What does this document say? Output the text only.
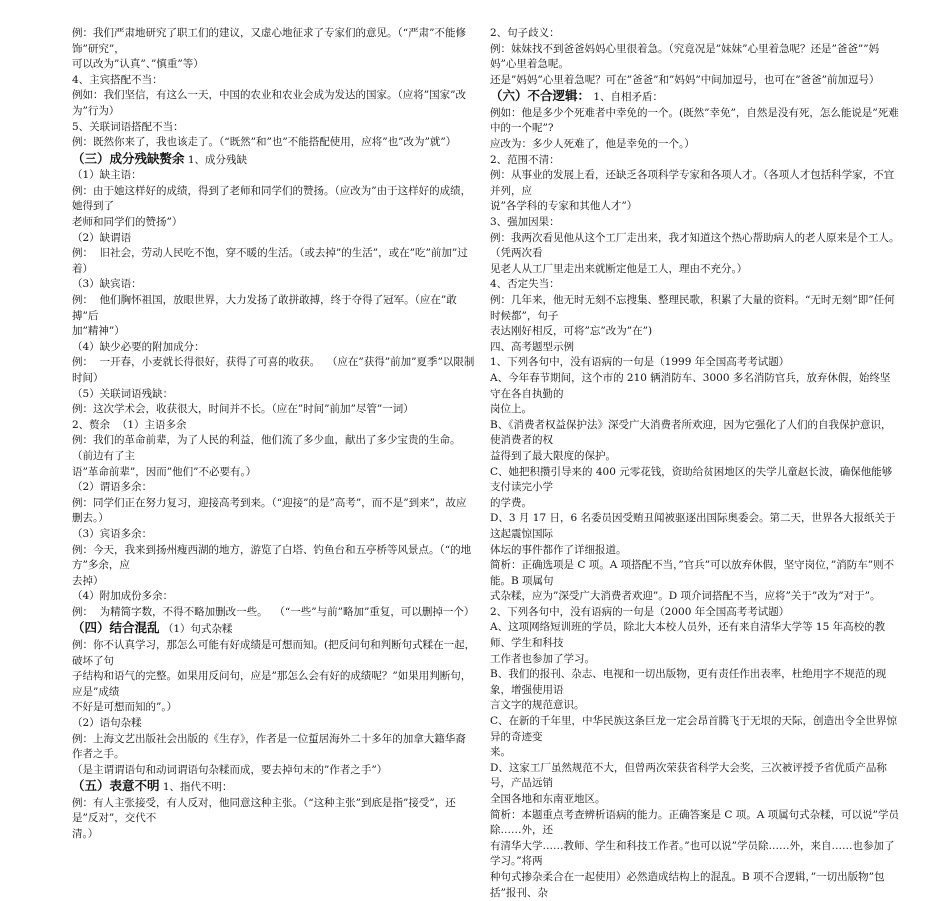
例：我们严肃地研究了职工们的建议，又虚心地征求了专家们的意见。（“严肃”不能修饰”研究”，
可以改为”认真”、”慎重”等）
4、主宾搭配不当：
例如：我们坚信，有这么一天，中国的农业和农业会成为发达的国家。（应将”国家”改为”行为）
5、关联词语搭配不当：
例：既然你来了，我也该走了。（“既然”和”也”不能搭配使用，应将”也”改为”就”）
（三）成分残缺赘余 1、成分残缺
（1）缺主语：
例：由于她这样好的成绩，得到了老师和同学们的赞扬。（应改为”由于这样好的成绩，她得到了
老师和同学们的赞扬”）
（2）缺谓语
例：  旧社会，劳动人民吃不饱，穿不暖的生活。（或去掉”的生活”，或在”吃”前加”过着）
（3）缺宾语：
例：  他们胸怀祖国，放眼世界，大力发扬了敢拼敢搏，终于夺得了冠军。（应在”敢搏”后
加”精神”）
（4）缺少必要的附加成分：
例：  一开春，小麦就长得很好，获得了可喜的收获。  （应在”获得”前加”夏季”以限制时间）
（5）关联词语残缺：
例：这次学术会，收获很大，时间并不长。（应在”时间”前加”尽管”一词）
2、赘余  （1）主语多余
例：我们的革命前辈，为了人民的利益，他们流了多少血，献出了多少宝贵的生命。（前边有了主
语”革命前辈”，因而”他们”不必要有。）
（2）谓语多余：
例：同学们正在努力复习，迎接高考到来。（“迎接”的是”高考”，而不是”到来”，故应删去。）
（3）宾语多余：
例：今天，我来到扬州瘦西湖的地方，游览了白塔、钓鱼台和五亭桥等风景点。（“的地方”多余，应
去掉）
（4）附加成份多余：
例：  为精简字数，不得不略加删改一些。  （“一些”与前”略加”重复，可以删掉一个）
（四）结合混乱 （1）句式杂糅
例：你不认真学习，那怎么可能有好成绩是可想而知。(把反问句和判断句式糅在一起，破坏了句
子结构和语气的完整。如果用反问句，应是”那怎么会有好的成绩呢？”如果用判断句，应是”成绩
不好是可想而知的”。）
（2）语句杂糅
例：上海文艺出版社会出版的《生存》，作者是一位蜇居海外二十多年的加拿大籍华裔作者之手。
（是主谓谓语句和动词谓语句杂糅而成，要去掉句末的”作者之手”）
（五）表意不明 1、指代不明：
例：有人主张接受，有人反对，他同意这种主张。（“这种主张”到底是指”接受”，还是”反对”，交代不
清。）
2、句子歧义：
例：妹妹找不到爸爸妈妈心里很着急。（究竟况是”妹妹”心里着急呢？还是”爸爸””妈妈”心里着急呢。
还是”妈妈”心里着急呢？可在”爸爸”和”妈妈”中间加逗号，也可在”爸爸”前加逗号）
（六）不合逻辑： 1、自相矛盾：
例如：他是多少个死难者中幸免的一个。(既然”幸免”，自然是没有死，怎么能说是”死难中的一个呢”?
应改为：多少人死难了，他是幸免的一个。）
2、范围不清：
例：从事业的发展上看，还缺乏各项科学专家和各项人才。（各项人才包括科学家，不宜并列，应
说”各学科的专家和其他人才”）
3、强加因果：
例：我两次看见他从这个工厂走出来，我才知道这个热心帮助病人的老人原来是个工人。（凭两次看
见老人从工厂里走出来就断定他是工人，理由不充分。）
4、否定失当：
例：几年来，他无时无刻不忘搜集、整理民歌，积累了大量的资料。“无时无刻”即”任何时候都”，句子
表达刚好相反，可将”忘”改为”在”)
四、高考题型示例
1、下列各句中，没有语病的一句是（1999 年全国高考考试题）
A、今年春节期间，这个市的 210 辆消防车、3000 多名消防官兵，放弃休假，始终坚守在各自执勤的
岗位上。
B、《消费者权益保护法》深受广大消费者所欢迎，因为它强化了人们的自我保护意识，使消费者的权
益得到了最大限度的保护。
C、她把积攒引导来的 400 元零花钱，资助给贫困地区的失学儿童赵长波，确保他能够支付读完小学
的学费。
D、3 月 17 日，6 名委员因受贿丑闻被驱逐出国际奥委会。第二天，世界各大报纸关于这起震惊国际
体坛的事件都作了详细报道。
简析：正确选项是 C 项。A 项搭配不当，”官兵”可以放弃休假，坚守岗位，”消防车”则不能。B 项属句
式杂糅，应为”深受广大消费者欢迎”。D 项介词搭配不当，应将”关于”改为”对于”。
2、下列各句中，没有语病的一句是（2000 年全国高考考试题）
A、这项网络短训班的学员，除北大本校人员外，还有来自清华大学等 15 年高校的教师、学生和科技
工作者也参加了学习。
B、我们的报刊、杂志、电视和一切出版物，更有责任作出表率，杜绝用字不规范的现象，增强使用语
言文字的规范意识。
C、在新的千年里，中华民族这条巨龙一定会昂首腾飞于无垠的天际，创造出令全世界惊异的奇迹变
来。
D、这家工厂虽然规范不大，但曾两次荣获省科学大会奖，三次被评授予省优质产品称号，产品远销
全国各地和东南亚地区。
简析：本题重点考查辨析语病的能力。正确答案是 C 项。A 项属句式杂糅，可以说”学员除……外，还
有清华大学……教师、学生和科技工作者。”也可以说”学员除……外，来自……也参加了学习。”将两
种句式掺杂柔合在一起使用）必然造成结构上的混乱。B 项不合逻辑，”一切出版物”包括”报刊、杂
